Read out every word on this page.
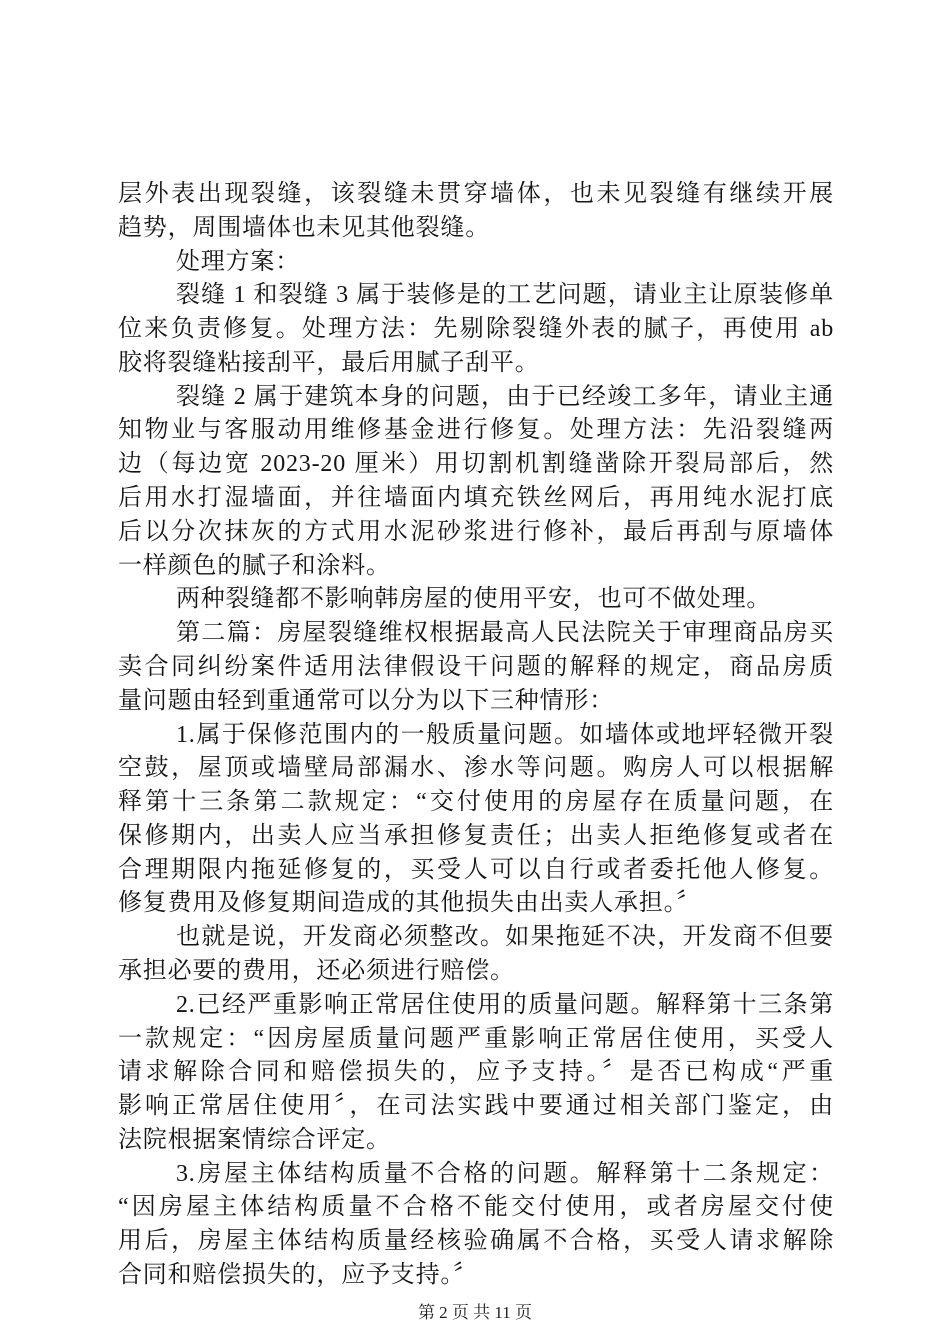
层外表出现裂缝，该裂缝未贯穿墙体，也未见裂缝有继续开展
趋势，周围墙体也未见其他裂缝。
处理方案：
裂缝 1 和裂缝 3 属于装修是的工艺问题，请业主让原装修单
位来负责修复。处理方法：先剔除裂缝外表的腻子，再使用 ab
胶将裂缝粘接刮平，最后用腻子刮平。
裂缝 2 属于建筑本身的问题，由于已经竣工多年，请业主通
知物业与客服动用维修基金进行修复。处理方法：先沿裂缝两
边（每边宽 2023-20 厘米）用切割机割缝凿除开裂局部后，然
后用水打湿墙面，并往墙面内填充铁丝网后，再用纯水泥打底
后以分次抹灰的方式用水泥砂浆进行修补，最后再刮与原墙体
一样颜色的腻子和涂料。
两种裂缝都不影响韩房屋的使用平安，也可不做处理。
第二篇：房屋裂缝维权根据最高人民法院关于审理商品房买
卖合同纠纷案件适用法律假设干问题的解释的规定，商品房质
量问题由轻到重通常可以分为以下三种情形：
1.属于保修范围内的一般质量问题。如墙体或地坪轻微开裂
空鼓，屋顶或墙壁局部漏水、渗水等问题。购房人可以根据解
释第十三条第二款规定：“交付使用的房屋存在质量问题，在
保修期内，出卖人应当承担修复责任；出卖人拒绝修复或者在
合理期限内拖延修复的，买受人可以自行或者委托他人修复。
修复费用及修复期间造成的其他损失由出卖人承担。〞
也就是说，开发商必须整改。如果拖延不决，开发商不但要
承担必要的费用，还必须进行赔偿。
2.已经严重影响正常居住使用的质量问题。解释第十三条第
一款规定：“因房屋质量问题严重影响正常居住使用，买受人
请求解除合同和赔偿损失的，应予支持。〞是否已构成“严重
影响正常居住使用〞，在司法实践中要通过相关部门鉴定，由
法院根据案情综合评定。
3.房屋主体结构质量不合格的问题。解释第十二条规定：
“因房屋主体结构质量不合格不能交付使用，或者房屋交付使
用后，房屋主体结构质量经核验确属不合格，买受人请求解除
合同和赔偿损失的，应予支持。〞
第 2 页 共 11 页
